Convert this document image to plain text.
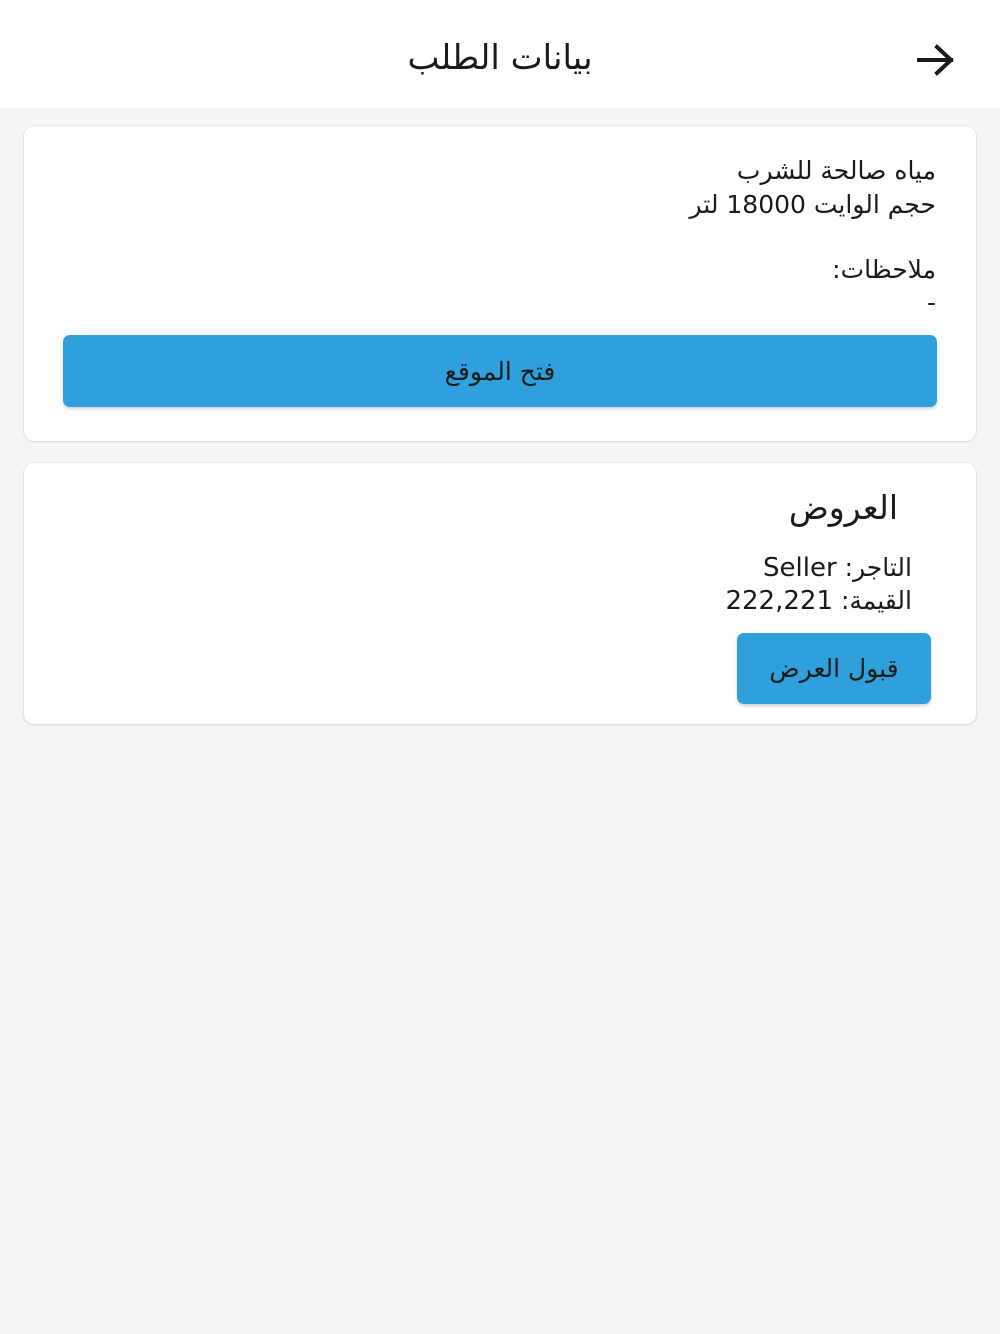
بيانات الطلب
مياه صالحة للشرب
حجم الوايت 18000 لتر
ملاحظات:
-
فتح الموقع
العروض
التاجر: Seller
القيمة: 222,221
قبول العرض
